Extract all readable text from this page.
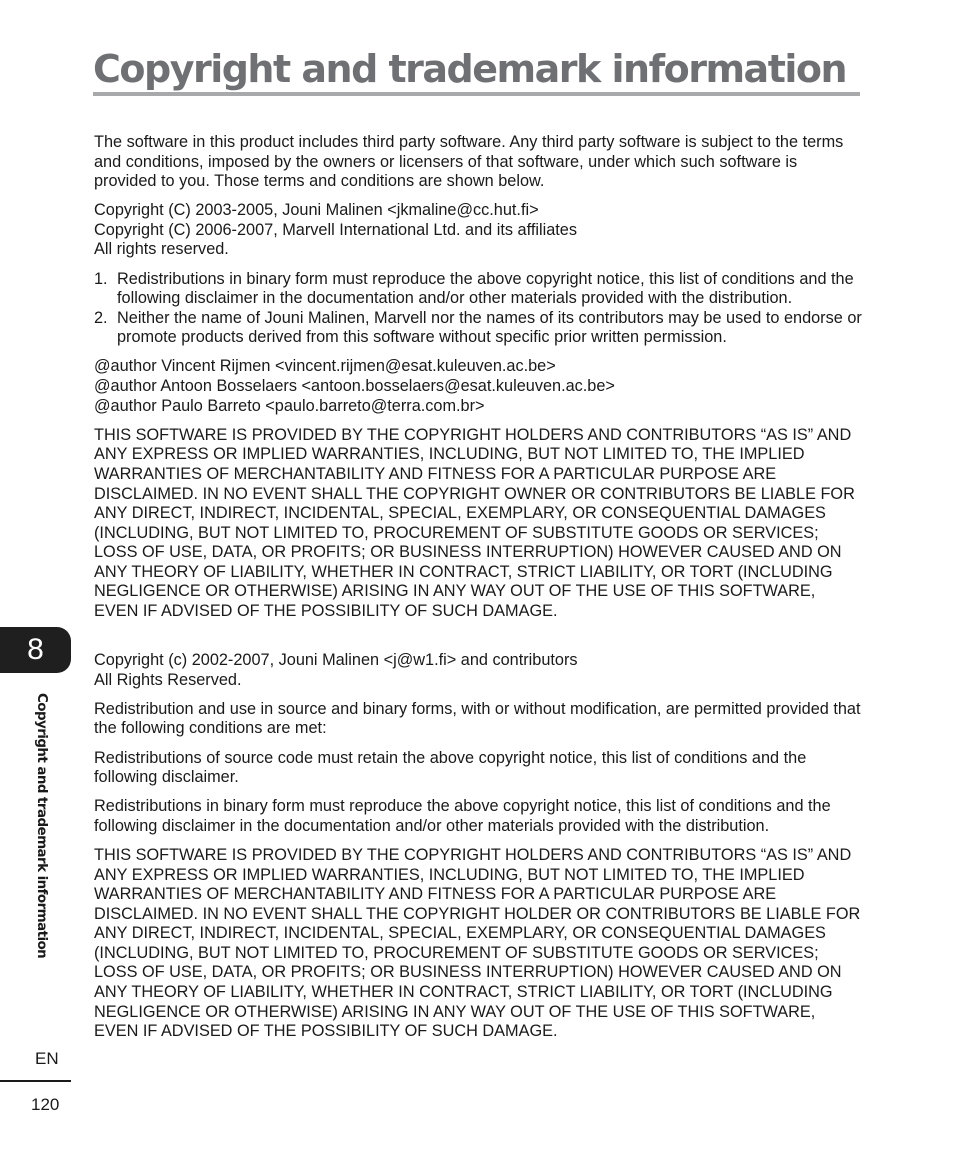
Copyright and trademark information

The software in this product includes third party software. Any third party software is subject to the terms and conditions, imposed by the owners or licensers of that software, under which such software is provided to you. Those terms and conditions are shown below.

Copyright (C) 2003-2005, Jouni Malinen <jkmaline@cc.hut.fi>
Copyright (C) 2006-2007, Marvell International Ltd. and its affiliates
All rights reserved.

1. Redistributions in binary form must reproduce the above copyright notice, this list of conditions and the following disclaimer in the documentation and/or other materials provided with the distribution.
2. Neither the name of Jouni Malinen, Marvell nor the names of its contributors may be used to endorse or promote products derived from this software without specific prior written permission.

@author Vincent Rijmen <vincent.rijmen@esat.kuleuven.ac.be>
@author Antoon Bosselaers <antoon.bosselaers@esat.kuleuven.ac.be>
@author Paulo Barreto <paulo.barreto@terra.com.br>

THIS SOFTWARE IS PROVIDED BY THE COPYRIGHT HOLDERS AND CONTRIBUTORS “AS IS” AND ANY EXPRESS OR IMPLIED WARRANTIES, INCLUDING, BUT NOT LIMITED TO, THE IMPLIED WARRANTIES OF MERCHANTABILITY AND FITNESS FOR A PARTICULAR PURPOSE ARE DISCLAIMED. IN NO EVENT SHALL THE COPYRIGHT OWNER OR CONTRIBUTORS BE LIABLE FOR ANY DIRECT, INDIRECT, INCIDENTAL, SPECIAL, EXEMPLARY, OR CONSEQUENTIAL DAMAGES (INCLUDING, BUT NOT LIMITED TO, PROCUREMENT OF SUBSTITUTE GOODS OR SERVICES; LOSS OF USE, DATA, OR PROFITS; OR BUSINESS INTERRUPTION) HOWEVER CAUSED AND ON ANY THEORY OF LIABILITY, WHETHER IN CONTRACT, STRICT LIABILITY, OR TORT (INCLUDING NEGLIGENCE OR OTHERWISE) ARISING IN ANY WAY OUT OF THE USE OF THIS SOFTWARE, EVEN IF ADVISED OF THE POSSIBILITY OF SUCH DAMAGE.

Copyright (c) 2002-2007, Jouni Malinen <j@w1.fi> and contributors
All Rights Reserved.

Redistribution and use in source and binary forms, with or without modification, are permitted provided that the following conditions are met:

Redistributions of source code must retain the above copyright notice, this list of conditions and the following disclaimer.

Redistributions in binary form must reproduce the above copyright notice, this list of conditions and the following disclaimer in the documentation and/or other materials provided with the distribution.

THIS SOFTWARE IS PROVIDED BY THE COPYRIGHT HOLDERS AND CONTRIBUTORS “AS IS” AND ANY EXPRESS OR IMPLIED WARRANTIES, INCLUDING, BUT NOT LIMITED TO, THE IMPLIED WARRANTIES OF MERCHANTABILITY AND FITNESS FOR A PARTICULAR PURPOSE ARE DISCLAIMED. IN NO EVENT SHALL THE COPYRIGHT HOLDER OR CONTRIBUTORS BE LIABLE FOR ANY DIRECT, INDIRECT, INCIDENTAL, SPECIAL, EXEMPLARY, OR CONSEQUENTIAL DAMAGES (INCLUDING, BUT NOT LIMITED TO, PROCUREMENT OF SUBSTITUTE GOODS OR SERVICES; LOSS OF USE, DATA, OR PROFITS; OR BUSINESS INTERRUPTION) HOWEVER CAUSED AND ON ANY THEORY OF LIABILITY, WHETHER IN CONTRACT, STRICT LIABILITY, OR TORT (INCLUDING NEGLIGENCE OR OTHERWISE) ARISING IN ANY WAY OUT OF THE USE OF THIS SOFTWARE, EVEN IF ADVISED OF THE POSSIBILITY OF SUCH DAMAGE.

8
Copyright and trademark information
EN
120
